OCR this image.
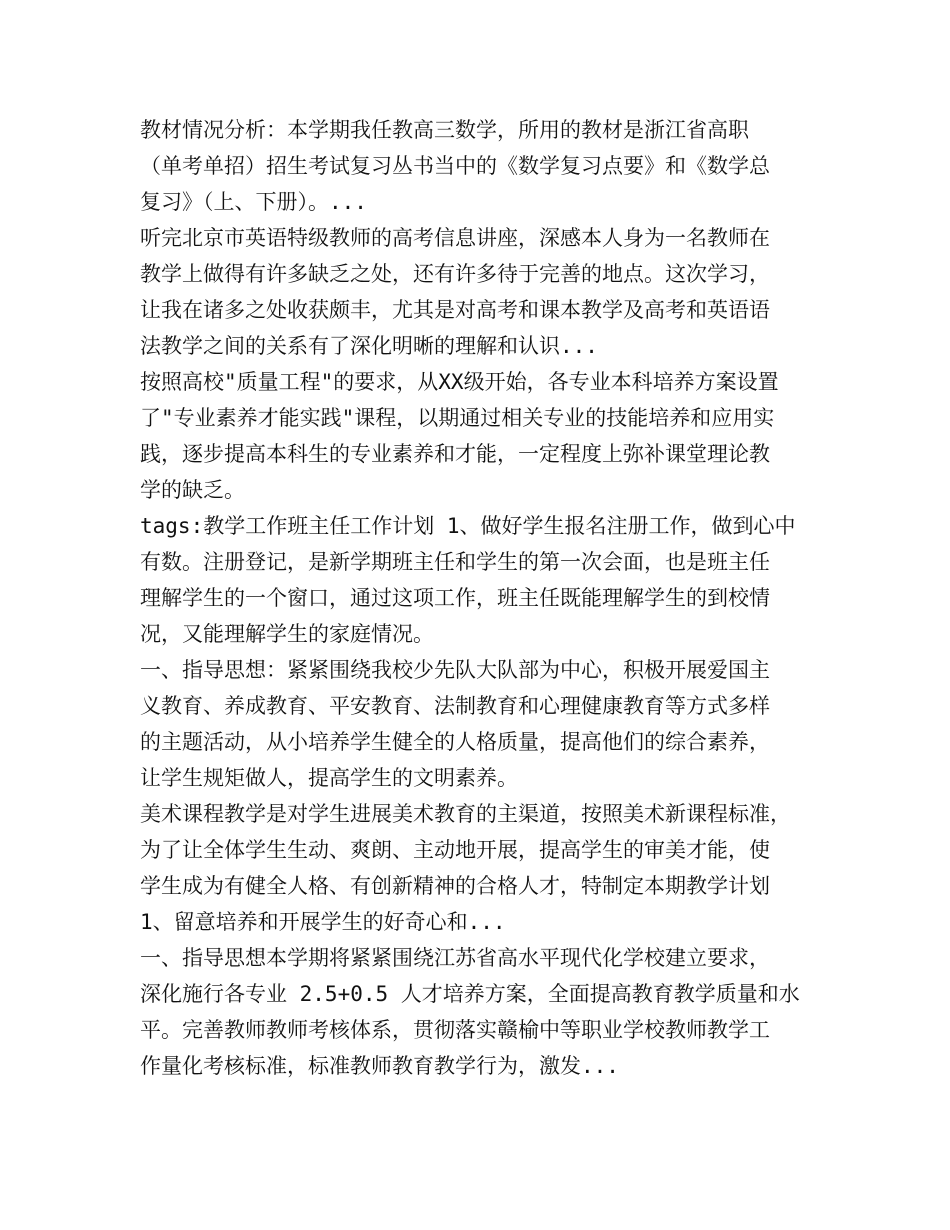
教材情况分析：本学期我任教高三数学，所用的教材是浙江省高职
（单考单招）招生考试复习丛书当中的《数学复习点要》和《数学总
复习》（上、下册）。...
听完北京市英语特级教师的高考信息讲座，深感本人身为一名教师在
教学上做得有许多缺乏之处，还有许多待于完善的地点。这次学习，
让我在诸多之处收获颇丰，尤其是对高考和课本教学及高考和英语语
法教学之间的关系有了深化明晰的理解和认识...
按照高校"质量工程"的要求，从XX级开始，各专业本科培养方案设置
了"专业素养才能实践"课程，以期通过相关专业的技能培养和应用实
践，逐步提高本科生的专业素养和才能，一定程度上弥补课堂理论教
学的缺乏。
tags:教学工作班主任工作计划 1、做好学生报名注册工作，做到心中
有数。注册登记，是新学期班主任和学生的第一次会面，也是班主任
理解学生的一个窗口，通过这项工作，班主任既能理解学生的到校情
况，又能理解学生的家庭情况。
一、指导思想：紧紧围绕我校少先队大队部为中心，积极开展爱国主
义教育、养成教育、平安教育、法制教育和心理健康教育等方式多样
的主题活动，从小培养学生健全的人格质量，提高他们的综合素养，
让学生规矩做人，提高学生的文明素养。
美术课程教学是对学生进展美术教育的主渠道，按照美术新课程标准，
为了让全体学生生动、爽朗、主动地开展，提高学生的审美才能，使
学生成为有健全人格、有创新精神的合格人才，特制定本期教学计划
1、留意培养和开展学生的好奇心和...
一、指导思想本学期将紧紧围绕江苏省高水平现代化学校建立要求，
深化施行各专业 2.5+0.5 人才培养方案，全面提高教育教学质量和水
平。完善教师教师考核体系，贯彻落实赣榆中等职业学校教师教学工
作量化考核标准，标准教师教育教学行为，激发...
